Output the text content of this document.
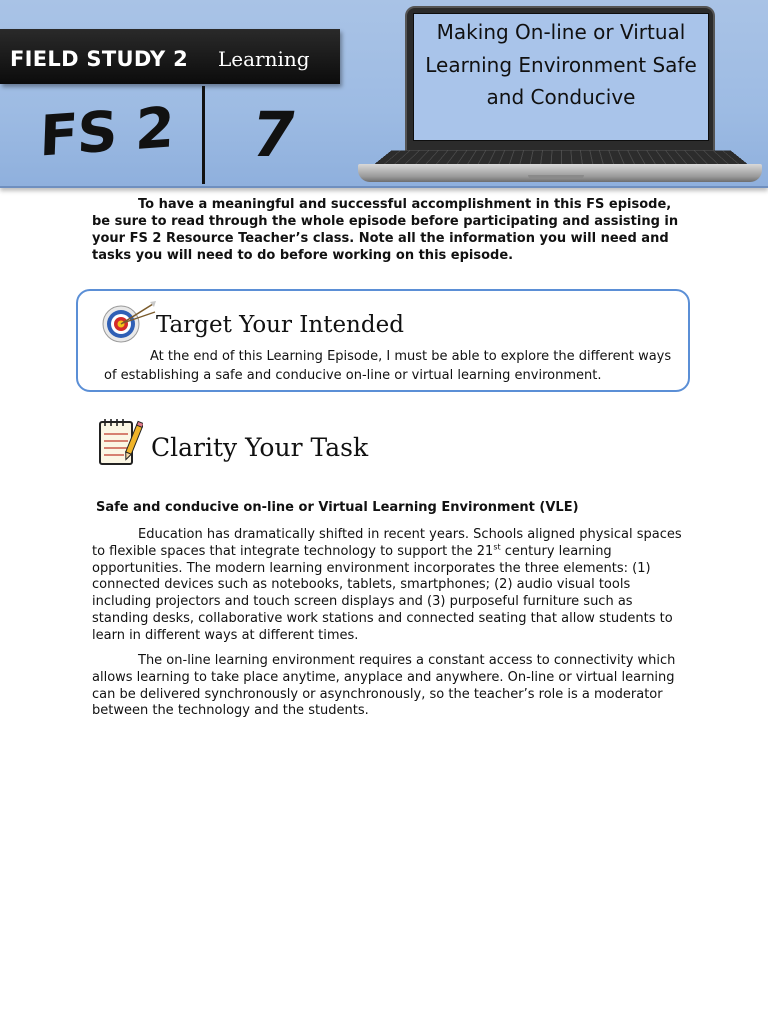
FIELD STUDY 2 Learning
FS 2 7
Making On-line or Virtual Learning Environment Safe and Conducive

To have a meaningful and successful accomplishment in this FS episode, be sure to read through the whole episode before participating and assisting in your FS 2 Resource Teacher’s class. Note all the information you will need and tasks you will need to do before working on this episode.

Target Your Intended

At the end of this Learning Episode, I must be able to explore the different ways of establishing a safe and conducive on-line or virtual learning environment.

Clarity Your Task
Safe and conducive on-line or Virtual Learning Environment (VLE)

Education has dramatically shifted in recent years. Schools aligned physical spaces to flexible spaces that integrate technology to support the 21st century learning opportunities. The modern learning environment incorporates the three elements: (1) connected devices such as notebooks, tablets, smartphones; (2) audio visual tools including projectors and touch screen displays and (3) purposeful furniture such as standing desks, collaborative work stations and connected seating that allow students to learn in different ways at different times.

The on-line learning environment requires a constant access to connectivity which allows learning to take place anytime, anyplace and anywhere. On-line or virtual learning can be delivered synchronously or asynchronously, so the teacher’s role is a moderator between the technology and the students.
